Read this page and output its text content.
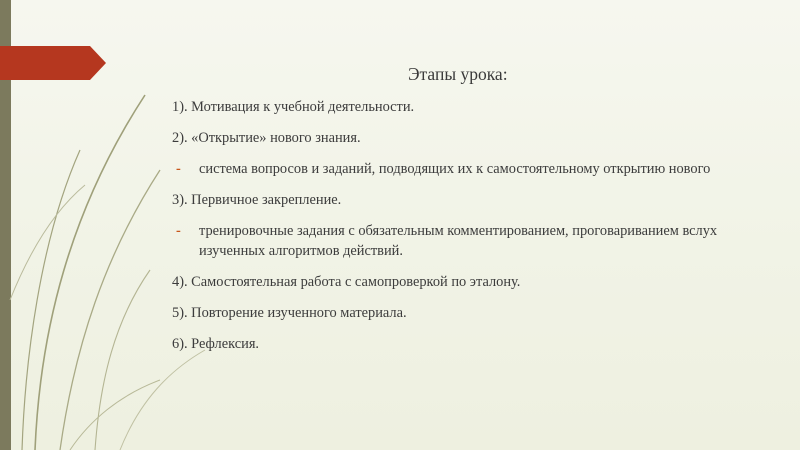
Этапы урока:
1). Мотивация к учебной деятельности.
2). «Открытие» нового знания.
- система вопросов и заданий, подводящих их к самостоятельному открытию нового
3). Первичное закрепление.
- тренировочные задания с обязательным комментированием, проговариванием вслух изученных алгоритмов действий.
4). Самостоятельная работа с самопроверкой по эталону.
5). Повторение изученного материала.
6). Рефлексия.
